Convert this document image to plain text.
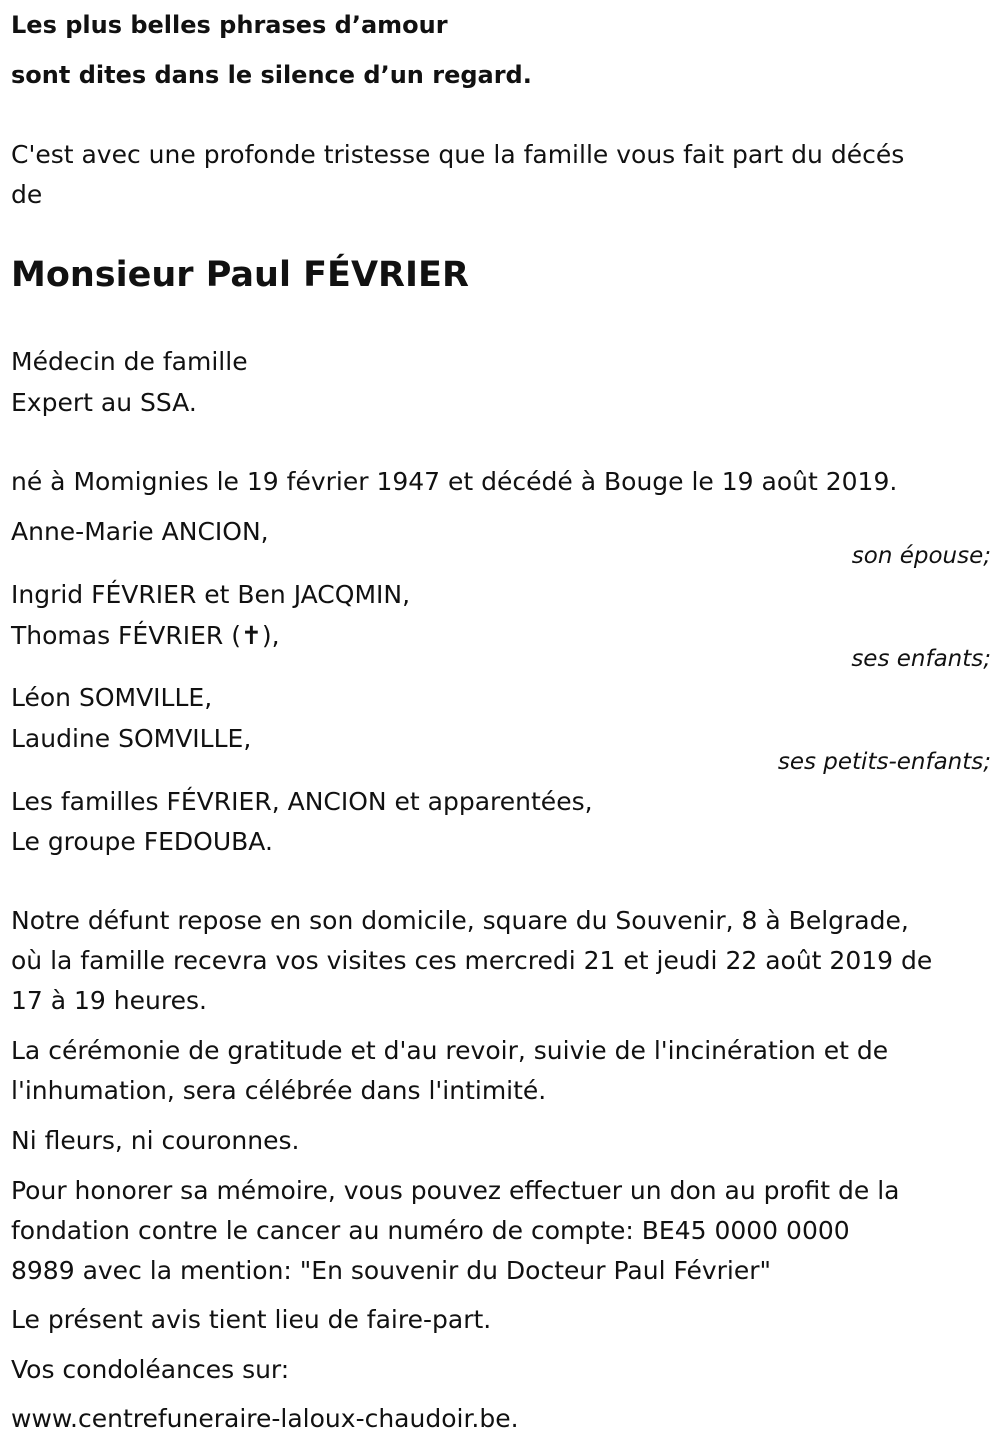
Les plus belles phrases d’amour
sont dites dans le silence d’un regard.
C'est avec une profonde tristesse que la famille vous fait part du décés
de
Monsieur Paul FÉVRIER
Médecin de famille
Expert au SSA.
né à Momignies le 19 février 1947 et décédé à Bouge le 19 août 2019.
Anne-Marie ANCION,
son épouse;
Ingrid FÉVRIER et Ben JACQMIN,
Thomas FÉVRIER (✝),
ses enfants;
Léon SOMVILLE,
Laudine SOMVILLE,
ses petits-enfants;
Les familles FÉVRIER, ANCION et apparentées,
Le groupe FEDOUBA.
Notre défunt repose en son domicile, square du Souvenir, 8 à Belgrade,
où la famille recevra vos visites ces mercredi 21 et jeudi 22 août 2019 de
17 à 19 heures.
La cérémonie de gratitude et d'au revoir, suivie de l'incinération et de
l'inhumation, sera célébrée dans l'intimité.
Ni fleurs, ni couronnes.
Pour honorer sa mémoire, vous pouvez effectuer un don au profit de la
fondation contre le cancer au numéro de compte: BE45 0000 0000
8989 avec la mention: "En souvenir du Docteur Paul Février"
Le présent avis tient lieu de faire-part.
Vos condoléances sur:
www.centrefuneraire-laloux-chaudoir.be.
